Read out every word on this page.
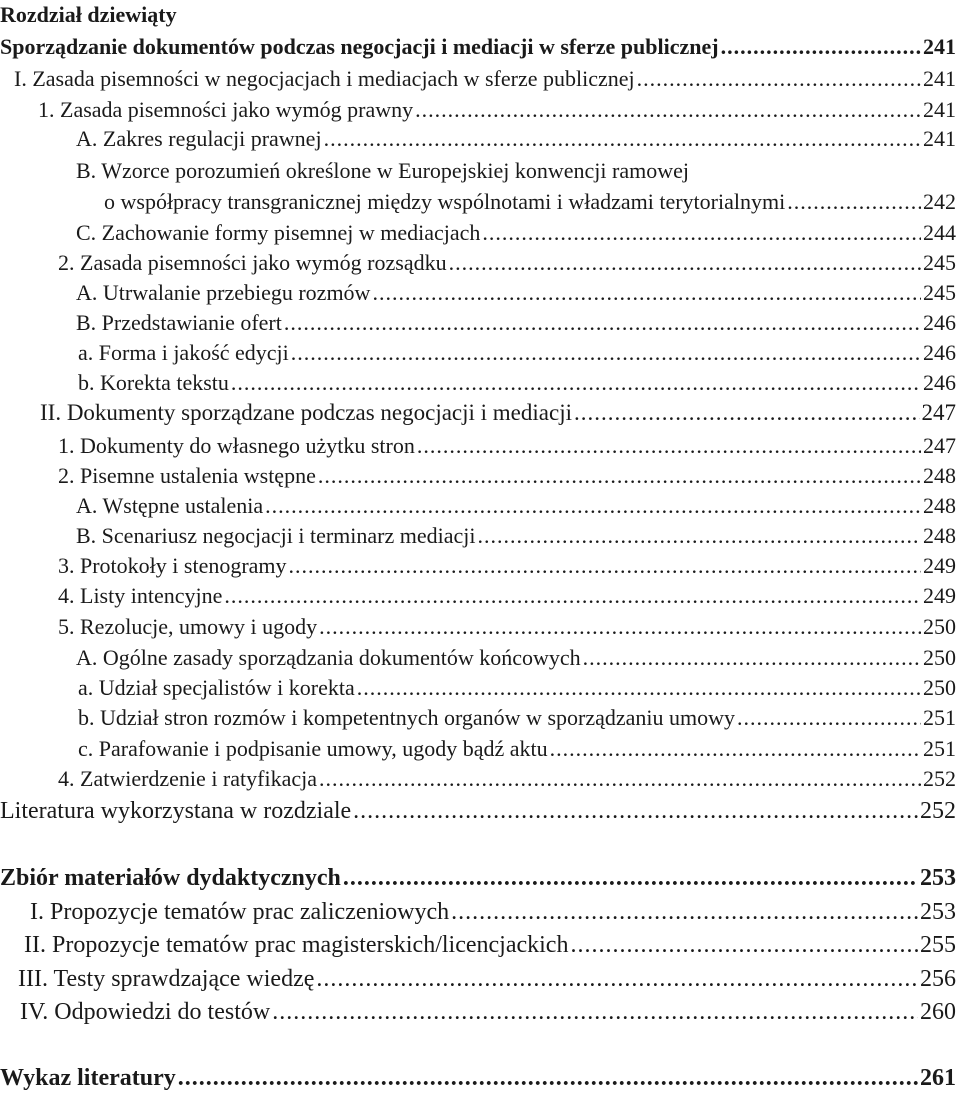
Rozdział dziewiąty
Sporządzanie dokumentów podczas negocjacji i mediacji w sferze publicznej .....	241
I. Zasada pisemności w negocjacjach i mediacjach w sferze publicznej .....	241
1. Zasada pisemności jako wymóg prawny .....	241
A. Zakres regulacji prawnej .....	241
B. Wzorce porozumień określone w Europejskiej konwencji ramowej
o współpracy transgranicznej między wspólnotami i władzami terytorialnymi .....	242
C. Zachowanie formy pisemnej w mediacjach .....	244
2. Zasada pisemności jako wymóg rozsądku .....	245
A. Utrwalanie przebiegu rozmów .....	245
B. Przedstawianie ofert .....	246
a. Forma i jakość edycji .....	246
b. Korekta tekstu .....	246
II. Dokumenty sporządzane podczas negocjacji i mediacji .....	247
1. Dokumenty do własnego użytku stron .....	247
2. Pisemne ustalenia wstępne .....	248
A. Wstępne ustalenia .....	248
B. Scenariusz negocjacji i terminarz mediacji .....	248
3. Protokoły i stenogramy .....	249
4. Listy intencyjne .....	249
5. Rezolucje, umowy i ugody .....	250
A. Ogólne zasady sporządzania dokumentów końcowych .....	250
a. Udział specjalistów i korekta .....	250
b. Udział stron rozmów i kompetentnych organów w sporządzaniu umowy .....	251
c. Parafowanie i podpisanie umowy, ugody bądź aktu .....	251
4. Zatwierdzenie i ratyfikacja .....	252
Literatura wykorzystana w rozdziale .....	252
Zbiór materiałów dydaktycznych .....	253
I. Propozycje tematów prac zaliczeniowych .....	253
II. Propozycje tematów prac magisterskich/licencjackich .....	255
III. Testy sprawdzające wiedzę .....	256
IV. Odpowiedzi do testów .....	260
Wykaz literatury .....	261
